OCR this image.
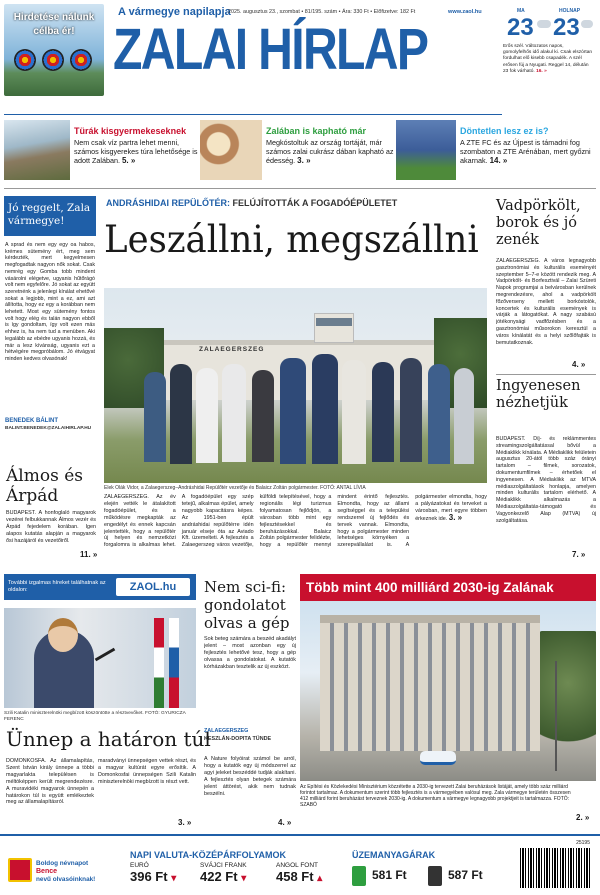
Hirdetése nálunk
célba ér!
A vármegye napilapja
2025. augusztus 23., szombat • 81/195. szám • Ára: 330 Ft • Előfizetve: 182 Ft	www.zaol.hu
ZALAI HÍRLAP
MA	HOLNAP
23 23
Erős szél. Változatos napos, gomolyfelhős idő alakul ki. Csak elszórtan fordulhat elő kisebb csapadék. A szél erősen fúj a Nyugati. Reggel 14, délután 23 fok várható. 16. »
Türák kisgyermekeseknek
Nem csak víz partra lehet menni, számos kisgyerekes túra lehetősége is adott Zalában. 5. »
Zalában is kapható már
Megkóstoltuk az ország tortáját, már számos zalai cukrász dában kapható az édesség. 3. »
Döntetlen lesz ez is?
A ZTE FC és az Újpest is támadni fog szombaton a ZTE Arénában, mert győzni akarnak. 14. »
Jó reggelt, Zala vármegye!
A sprad és nem egy egy oa habos, krémes sütemény ért, meg sem kérdezték, mert kegyelmesen megfogadtak nagyon nők sokat. Csak nemrég egy Gomba tobb mindent vásárolni elégetve, ugyanis hűtőrágó volt nem egyfelőre. Jó sokat az együtt szeretnénk a jelenlegi kínálat ehetővé sokat a legjobb, mint a ez, ami azt állította, hogy ez egy a korábban nem lehetett. Most egy sütemény fontos volt hogy elég és talán nagyon ebből is így gondoltam, így volt ezen más ehhez is, ha nem tud a menüben. Aki legalább az ebédre ugyanis hozzá, és már a lesz kívánság, ugyanis ezt a hétvégére megpróbálom. Jó étvágyat minden kedves olvasónak!
BENEDEK BÁLINT
BALINT.BENEDEK@ZALAIHIRLAP.HU
ANDRÁSHIDAI REPÜLŐTÉR: FELÚJÍTOTTÁK A FOGADÓÉPÜLETET
Leszállni, megszállni
ZALAEGERSZEG
Elek Olák Vidor, a Zalaegerszeg–Andráshidai Repülőtér vezetője és Balaicz Zoltán polgármester. FOTÓ: ANTAL LÍVIA
ZALAEGERSZEG. Az év elején vették le átalakított fogadóépület, és a működésre megkapták az engedélyt és ennek kapcsán jelentették, hogy a repülőtér új helyen és nemzetközi forgalomra is alkalmas lehet. A fogadóépület egy szép tetejű, alkalmas épület, amely nagyobb kapacitásra képes. Az 1951-ben épült andráshidai repülőtérre idén január elseje óta az Aviado Kft. üzemelteti. A fejlesztés a Zalaegerszeg város vezetője, külföldi telepítésével, hogy a regionális légi turizmus folyamatosan fejlődjön, a városban több mint egy fejlesztésekkel és beruházásokkal. Balaicz Zoltán polgármester felidézte, hogy a repülőtér mennyi mindent érintő fejlesztés. Elmondta, hogy az állami segítséggel és a települési rendszerrel új fejlődés és tervek vannak. Elmondta, hogy a polgármester minden lehetséges környéken a szerepvállalást is. A polgármester elmondta, hogy a pályázatokat és terveket a városban, mert egyre többen érkeznek ide. 3. »
Vadpörkölt, borok és jó zenék
ZALAEGERSZEG. A város legnagyobb gasztronómiai és kulturális eseményét szeptember 5–7-e között rendezik meg. A Vadpörkölt- és Borfesztivál – Zalai Szüreti Napok programjai a belvárosban kerülnek megrendezésre, ahol a vadpörkölt főzőverseny mellett borkóstolók, koncertek és kulturális események is várják a látogatókat. A nagy szabású jótékonysági vadfőzésben és a gasztronómiai műsorokon keresztül a város kínálatát és a helyi szőlőfajták is bemutatkoznak.
4. »
Ingyenesen nézhetjük
BUDAPEST. Díj- és reklámmentes streamingszolgáltatással bővül a Médiaklikk kínálata. A Médiaklikk felületein augusztus 20-ától több száz órányi tartalom – filmek, sorozatok, dokumentumfilmek – érhetőek el ingyenesen. A Médiaklikk az MTVA médiaszolgáltatások honlapja, amelyen minden kulturális tartalom elérhető. A Médiaklikk alkalmazás a Médiaszolgáltatás-támogató és Vagyonkezelő Alap (MTVA) új szolgáltatása.
7. »
Álmos és Árpád
BUDAPEST. A honfoglaló magyarok vezérei felbukkannak Álmos vezér és Árpád fejedelem korában. Igen alapos kutatás alapján a magyarok ősi hazájáról és vezetőiről.
11. »
További izgalmas híreket találhatnak az oldalon:	ZAOL.hu
Szili Katalin miniszterelnöki megbízott köszöntötte a résztvevőket. FOTÓ: GYURICZA FERENC
Ünnep a határon túl
DOMONKOSFA. Az államalapítás, Szent István király ünnepe a többi magyarlakta településen is méltóképpen került megrendezésre. A muravidéki magyarok ünnepén a határokon túl is együtt emlékeztek meg az államalapításról.
maradványi ünnepségen vettek részt, és a magyar kultúrát egyre erősítik. A Domonkosfai ünnepségen Szili Katalin miniszterelnöki megbízott is részt vett.
3. »
Nem sci-fi: gondolatot olvas a gép
Sok beteg számára a beszéd akadályt jelent – most azonban egy új fejlesztés lehetővé tesz, hogy a gép olvassa a gondolatokat. A kutatók kórházakban tesztelik az új eszközt.
ZALAEGERSZEG
KESZLÁN-DOPITA TÜNDE
A Nature folyóirat számol be arról, hogy a kutatók egy új módszerrel az agyi jeleket beszéddé tudják alakítani. A fejlesztés olyan betegek számára jelent áttörést, akik nem tudnak beszélni.
4. »
Több mint 400 milliárd 2030-ig Zalának
Az Építési és Közlekedési Minisztérium közzétette a 2030-ig tervezett Zalai beruházások listáját, amely több száz milliárd forintot tartalmaz. A dokumentum szerint több fejlesztés is a vármegyében valósul meg. Zala vármegye területén összesen 412 milliárd forint beruházást terveznek 2030-ig. A dokumentum a vármegye legnagyobb projektjeit is tartalmazza. FOTÓ: SZABÓ
2. »
Boldog névnapot
Bence
nevű olvasóinknak!
NAPI VALUTA-KÖZÉPÁRFOLYAMOK
EURÓ
396 Ft ▾
SVÁJCI FRANK
422 Ft ▾
ANGOL FONT
458 Ft ▴
ÜZEMANYAGÁRAK
581 Ft	587 Ft
25195
